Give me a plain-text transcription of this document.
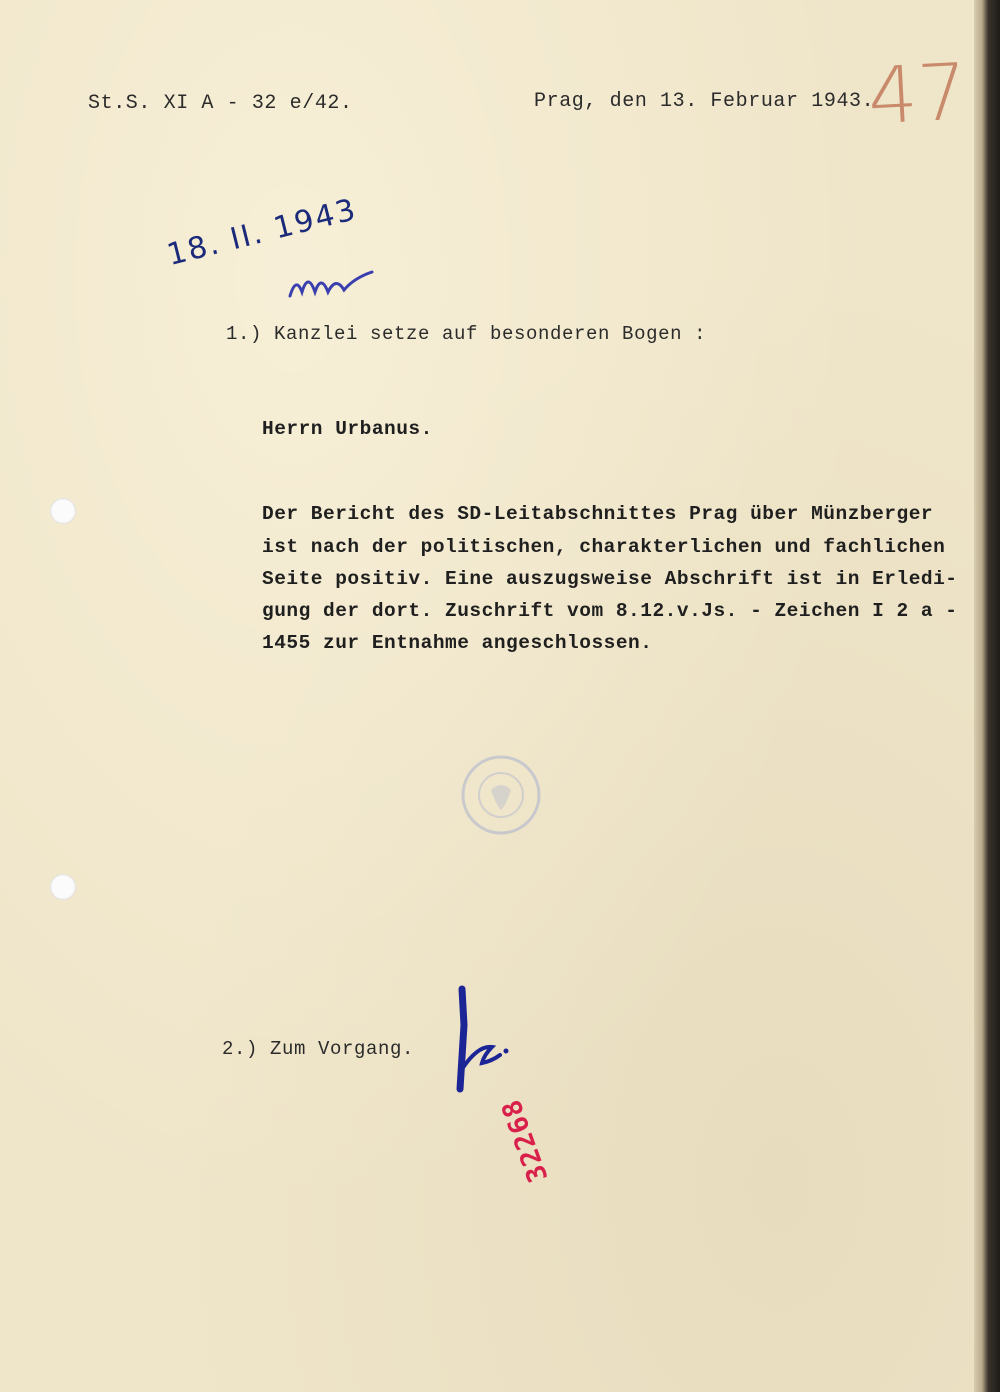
St.S. XI A - 32 e/42.	Prag, den 13. Februar 1943.
47
18. II. 1943
1.) Kanzlei setze auf besonderen Bogen :
Herrn Urbanus.
Der Bericht des SD-Leitabschnittes Prag über Münzberger
ist nach der politischen, charakterlichen und fachlichen
Seite positiv. Eine auszugsweise Abschrift ist in Erledi-
gung der dort. Zuschrift vom 8.12.v.Js. - Zeichen I 2 a -
1455 zur Entnahme angeschlossen.
2.) Zum Vorgang.
32268
